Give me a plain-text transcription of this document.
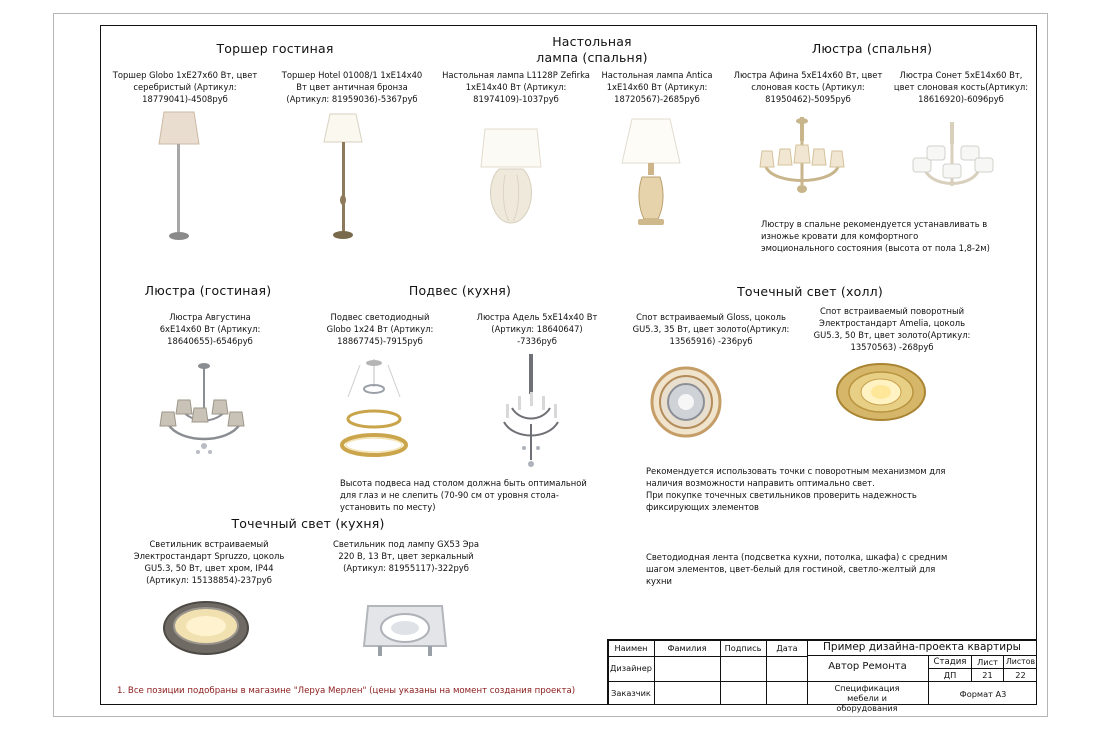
Торшер гостиная	Настольная лампа (спальня)
Люстра (спальня)
Люстра (гостиная)	Подвес (кухня)	Точечный свет (холл)
Точечный свет (кухня)
Торшер Globo 1хE27х60 Вт, цвет серебристый (Артикул: 18779041)-4508руб
Торшер Hotel 01008/1 1хE14х40 Вт цвет античная бронза (Артикул: 81959036)-5367руб
Настольная лампа L1128P Zefirka 1хE14х40 Вт (Артикул: 81974109)-1037руб
Настольная лампа Antica 1хE14х60 Вт (Артикул: 18720567)-2685руб
Люстра Афина 5хE14х60 Вт, цвет слоновая кость (Артикул: 81950462)-5095руб
Люстра Сонет 5хE14х60 Вт, цвет слоновая кость(Артикул: 18616920)-6096руб
Люстра Августина 6хE14х60 Вт (Артикул: 18640655)-6546руб
Подвес светодиодный Globo 1х24 Вт (Артикул: 18867745)-7915руб
Люстра Адель 5хE14х40 Вт (Артикул: 18640647) -7336руб
Спот встраиваемый Gloss, цоколь GU5.3, 35 Вт, цвет золото(Артикул: 13565916) -236руб
Спот встраиваемый поворотный Электростандарт Amelia, цоколь GU5.3, 50 Вт, цвет золото(Артикул: 13570563) -268руб
Светильник встраиваемый Электростандарт Spruzzo, цоколь GU5.3, 50 Вт, цвет хром, IP44 (Артикул: 15138854)-237руб
Светильник под лампу GX53 Эра 220 В, 13 Вт, цвет зеркальный (Артикул: 81955117)-322руб
Люстру в спальне рекомендуется устанавливать в изножье кровати для комфортного эмоционального состояния (высота от пола 1,8-2м)
Высота подвеса над столом должна быть оптимальной для глаз и не слепить (70-90 см от уровня стола-установить по месту)
Рекомендуется использовать точки с поворотным механизмом для наличия возможности направить оптимально свет.
При покупке точечных светильников проверить надежность фиксирующих элементов
Светодиодная лента (подсветка кухни, потолка, шкафа) с средним шагом элементов, цвет-белый для гостиной, светло-желтый для кухни
1. Все позиции подобраны в магазине "Леруа Мерлен" (цены указаны на момент создания проекта)
Наимен	Фамилия	Подпись	Дата
Дизайнер
Заказчик
Пример дизайна-проекта квартиры
Автор Ремонта	Стадия	Лист	Листов
ДП	21	22
Спецификация мебели и оборудования
Формат А3
